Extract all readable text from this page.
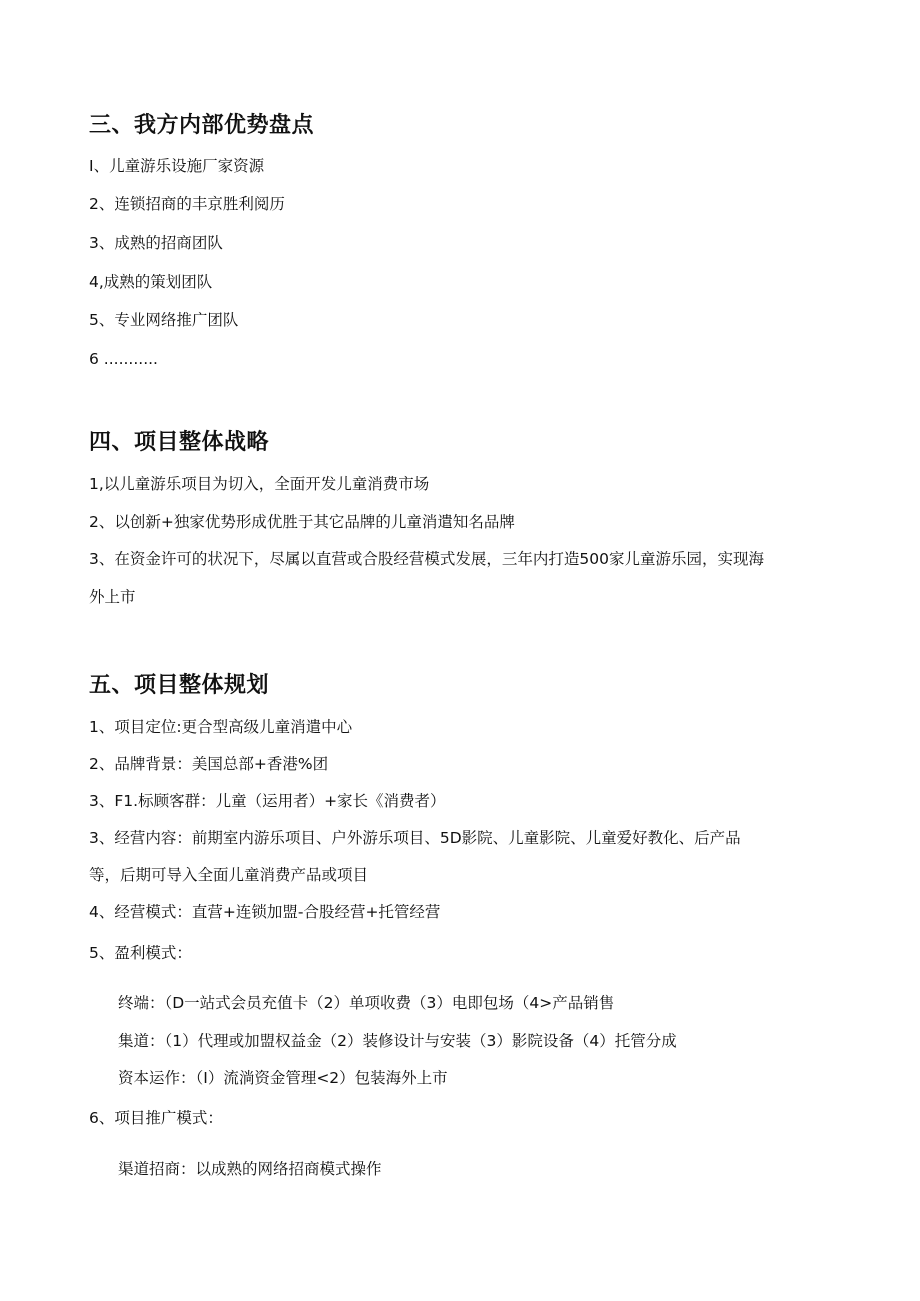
三、我方内部优势盘点
I、儿童游乐设施厂家资源
2、连锁招商的丰京胜利阅历
3、成熟的招商团队
4,成熟的策划团队
5、专业网络推广团队
6 ...........
四、项目整体战略
1,以儿童游乐项目为切入，全面开发儿童消费市场
2、以创新+独家优势形成优胜于其它品牌的儿童消遣知名品牌
3、在资金许可的状况下，尽属以直营或合股经营模式发展，三年内打造500家儿童游乐园，实现海
外上市
五、项目整体规划
1、项目定位:更合型高级儿童消遣中心
2、品牌背景：美国总部+香港%团
3、F1.标顾客群：儿童（运用者）+家长《消费者）
3、经营内容：前期室内游乐项目、户外游乐项目、5D影院、儿童影院、儿童爱好教化、后产品
等，后期可导入全面儿童消费产品或项目
4、经营模式：直营+连锁加盟-合股经营+托管经营
5、盈利模式：
终端：（D一站式会员充值卡（2）单项收费（3）电即包场（4>产品销售
集道：（1）代理或加盟权益金（2）装修设计与安装（3）影院设备（4）托管分成
资本运作：（I）流淌资金管理<2）包装海外上市
6、项目推广模式：
渠道招商：以成熟的网络招商模式操作
